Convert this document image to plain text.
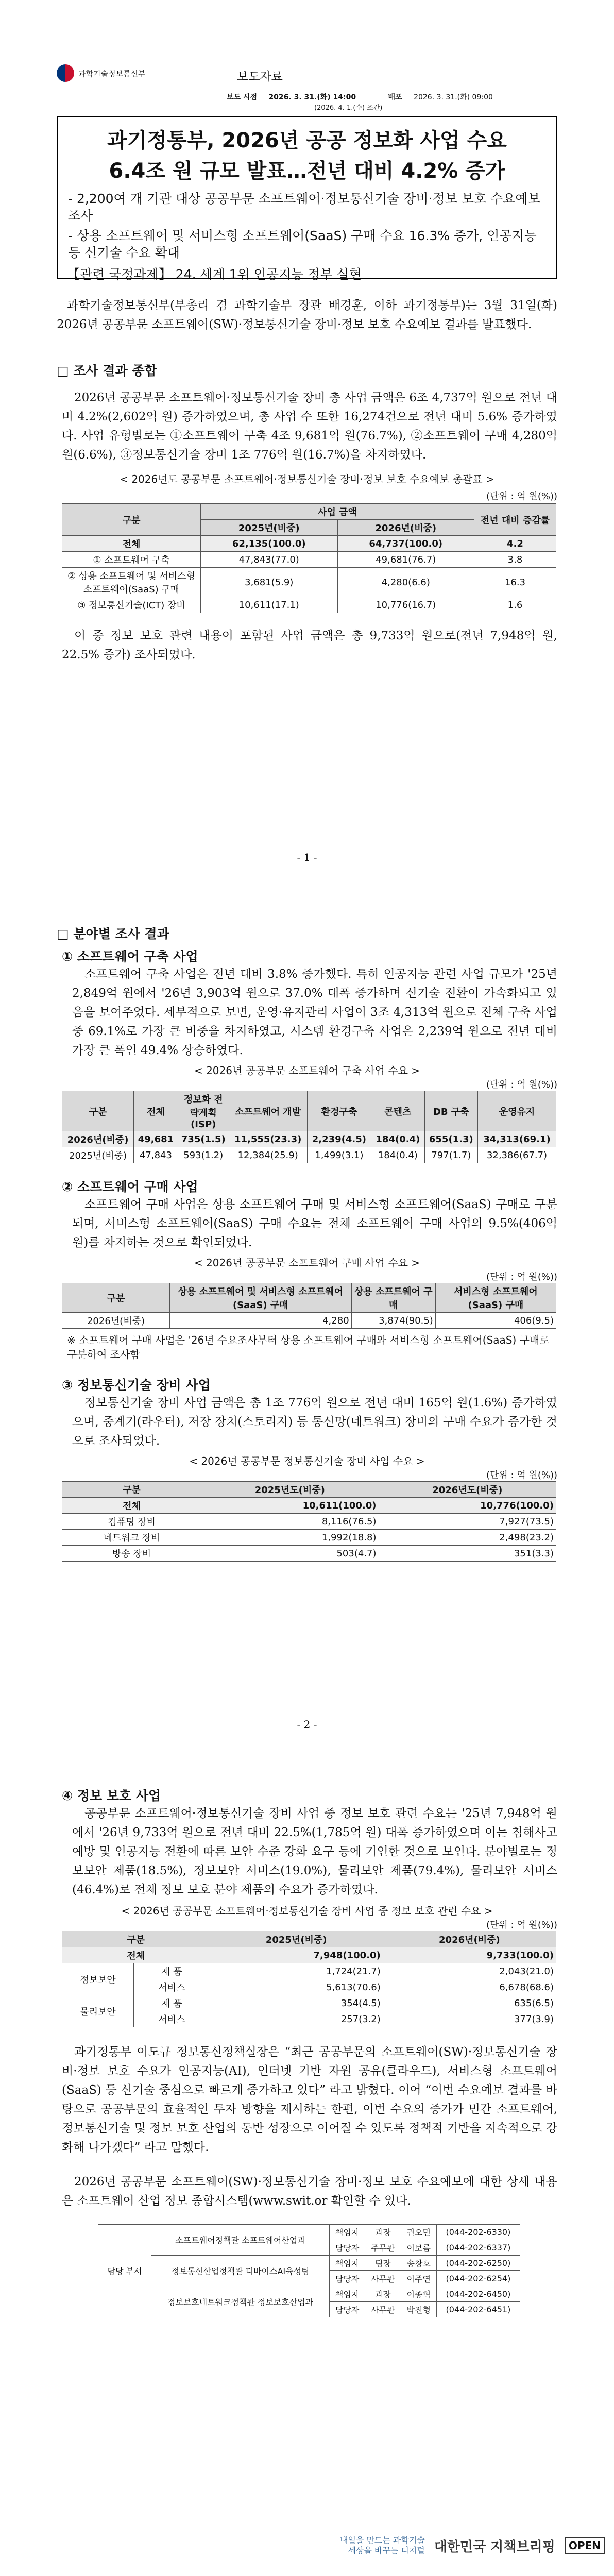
과학기술정보통신부	보도자료
보도 시점 2026. 3. 31.(화) 14:00	배포 2026. 3. 31.(화) 09:00
(2026. 4. 1.(수) 조간)
과기정통부, 2026년 공공 정보화 사업 수요
6.4조 원 규모 발표…전년 대비 4.2% 증가
- 2,200여 개 기관 대상 공공부문 소프트웨어·정보통신기술 장비·정보 보호 수요예보 조사
- 상용 소프트웨어 및 서비스형 소프트웨어(SaaS) 구매 수요 16.3% 증가, 인공지능 등 신기술 수요 확대
【관련 국정과제】 24. 세계 1위 인공지능 정부 실현
과학기술정보통신부(부총리 겸 과학기술부 장관 배경훈, 이하 과기정통부)는 3월 31일(화) 2026년 공공부문 소프트웨어(SW)·정보통신기술 장비·정보 보호 수요예보 결과를 발표했다.
□ 조사 결과 종합
2026년 공공부문 소프트웨어·정보통신기술 장비 총 사업 금액은 6조 4,737억 원으로 전년 대비 4.2%(2,602억 원) 증가하였으며, 총 사업 수 또한 16,274건으로 전년 대비 5.6% 증가하였다. 사업 유형별로는 ①소프트웨어 구축 4조 9,681억 원(76.7%), ②소프트웨어 구매 4,280억 원(6.6%), ③정보통신기술 장비 1조 776억 원(16.7%)을 차지하였다.
< 2026년도 공공부문 소프트웨어·정보통신기술 장비·정보 보호 수요예보 총괄표 >
(단위 : 억 원(%))
구분	사업 금액		전년 대비 증감률
	2025년(비중)	2026년(비중)	
전체	62,135(100.0)	64,737(100.0)	4.2
① 소프트웨어 구축	47,843(77.0)	49,681(76.7)	3.8
② 상용 소프트웨어 및 서비스형 소프트웨어(SaaS) 구매	3,681(5.9)	4,280(6.6)	16.3
③ 정보통신기술(ICT) 장비	10,611(17.1)	10,776(16.7)	1.6
이 중 정보 보호 관련 내용이 포함된 사업 금액은 총 9,733억 원으로(전년 7,948억 원, 22.5% 증가) 조사되었다.
- 1 -
□ 분야별 조사 결과
① 소프트웨어 구축 사업
소프트웨어 구축 사업은 전년 대비 3.8% 증가했다. 특히 인공지능 관련 사업 규모가 '25년 2,849억 원에서 '26년 3,903억 원으로 37.0% 대폭 증가하며 신기술 전환이 가속화되고 있음을 보여주었다. 세부적으로 보면, 운영·유지관리 사업이 3조 4,313억 원으로 전체 구축 사업 중 69.1%로 가장 큰 비중을 차지하였고, 시스템 환경구축 사업은 2,239억 원으로 전년 대비 가장 큰 폭인 49.4% 상승하였다.
< 2026년 공공부문 소프트웨어 구축 사업 수요 >
(단위 : 억 원(%))
구분	전체	정보화 전략계획 (ISP)	소프트웨어 개발	환경구축	콘텐츠	DB 구축	운영유지
2026년(비중)	49,681	735(1.5)	11,555(23.3)	2,239(4.5)	184(0.4)	655(1.3)	34,313(69.1)
2025년(비중)	47,843	593(1.2)	12,384(25.9)	1,499(3.1)	184(0.4)	797(1.7)	32,386(67.7)
② 소프트웨어 구매 사업
소프트웨어 구매 사업은 상용 소프트웨어 구매 및 서비스형 소프트웨어(SaaS) 구매로 구분되며, 서비스형 소프트웨어(SaaS) 구매 수요는 전체 소프트웨어 구매 사업의 9.5%(406억 원)를 차지하는 것으로 확인되었다.
< 2026년 공공부문 소프트웨어 구매 사업 수요 >
(단위 : 억 원(%))
구분	상용 소프트웨어 및 서비스형 소프트웨어(SaaS) 구매	상용 소프트웨어 구매	서비스형 소프트웨어(SaaS) 구매
2026년(비중)	4,280	3,874(90.5)	406(9.5)
※ 소프트웨어 구매 사업은 '26년 수요조사부터 상용 소프트웨어 구매와 서비스형 소프트웨어(SaaS) 구매로 구분하여 조사함
③ 정보통신기술 장비 사업
정보통신기술 장비 사업 금액은 총 1조 776억 원으로 전년 대비 165억 원(1.6%) 증가하였으며, 중계기(라우터), 저장 장치(스토리지) 등 통신망(네트워크) 장비의 구매 수요가 증가한 것으로 조사되었다.
< 2026년 공공부문 정보통신기술 장비 사업 수요 >
(단위 : 억 원(%))
구분	2025년도(비중)	2026년도(비중)
전체	10,611(100.0)	10,776(100.0)
컴퓨팅 장비	8,116(76.5)	7,927(73.5)
네트워크 장비	1,992(18.8)	2,498(23.2)
방송 장비	503(4.7)	351(3.3)
- 2 -
④ 정보 보호 사업
공공부문 소프트웨어·정보통신기술 장비 사업 중 정보 보호 관련 수요는 '25년 7,948억 원에서 '26년 9,733억 원으로 전년 대비 22.5%(1,785억 원) 대폭 증가하였으며 이는 침해사고 예방 및 인공지능 전환에 따른 보안 수준 강화 요구 등에 기인한 것으로 보인다. 분야별로는 정보보안 제품(18.5%), 정보보안 서비스(19.0%), 물리보안 제품(79.4%), 물리보안 서비스(46.4%)로 전체 정보 보호 분야 제품의 수요가 증가하였다.
< 2026년 공공부문 소프트웨어·정보통신기술 장비 사업 중 정보 보호 관련 수요 >
(단위 : 억 원(%))
구분		2025년(비중)	2026년(비중)
전체		7,948(100.0)	9,733(100.0)
정보보안	제 품	1,724(21.7)	2,043(21.0)
	서비스	5,613(70.6)	6,678(68.6)
물리보안	제 품	354(4.5)	635(6.5)
	서비스	257(3.2)	377(3.9)
과기정통부 이도규 정보통신정책실장은 “최근 공공부문의 소프트웨어(SW)·정보통신기술 장비·정보 보호 수요가 인공지능(AI), 인터넷 기반 자원 공유(클라우드), 서비스형 소프트웨어(SaaS) 등 신기술 중심으로 빠르게 증가하고 있다” 라고 밝혔다. 이어 “이번 수요예보 결과를 바탕으로 공공부문의 효율적인 투자 방향을 제시하는 한편, 이번 수요의 증가가 민간 소프트웨어, 정보통신기술 및 정보 보호 산업의 동반 성장으로 이어질 수 있도록 정책적 기반을 지속적으로 강화해 나가겠다” 라고 말했다.
2026년 공공부문 소프트웨어(SW)·정보통신기술 장비·정보 보호 수요예보에 대한 상세 내용은 소프트웨어 산업 정보 종합시스템(www.swit.or 확인할 수 있다.
담당 부서	소프트웨어정책관 소프트웨어산업과	책임자	과장	권오민	(044-202-6330)
		담당자	주무관	이보름	(044-202-6337)
	정보통신산업정책관 디바이스AI육성팀	책임자	팀장	송창호	(044-202-6250)
		담당자	사무관	이주연	(044-202-6254)
	정보보호네트워크정책관 정보보호산업과	책임자	과장	이종혁	(044-202-6450)
		담당자	사무관	박진형	(044-202-6451)
내일을 만드는 과학기술
세상을 바꾸는 디지털 대한민국 지책브리핑	OPEN
